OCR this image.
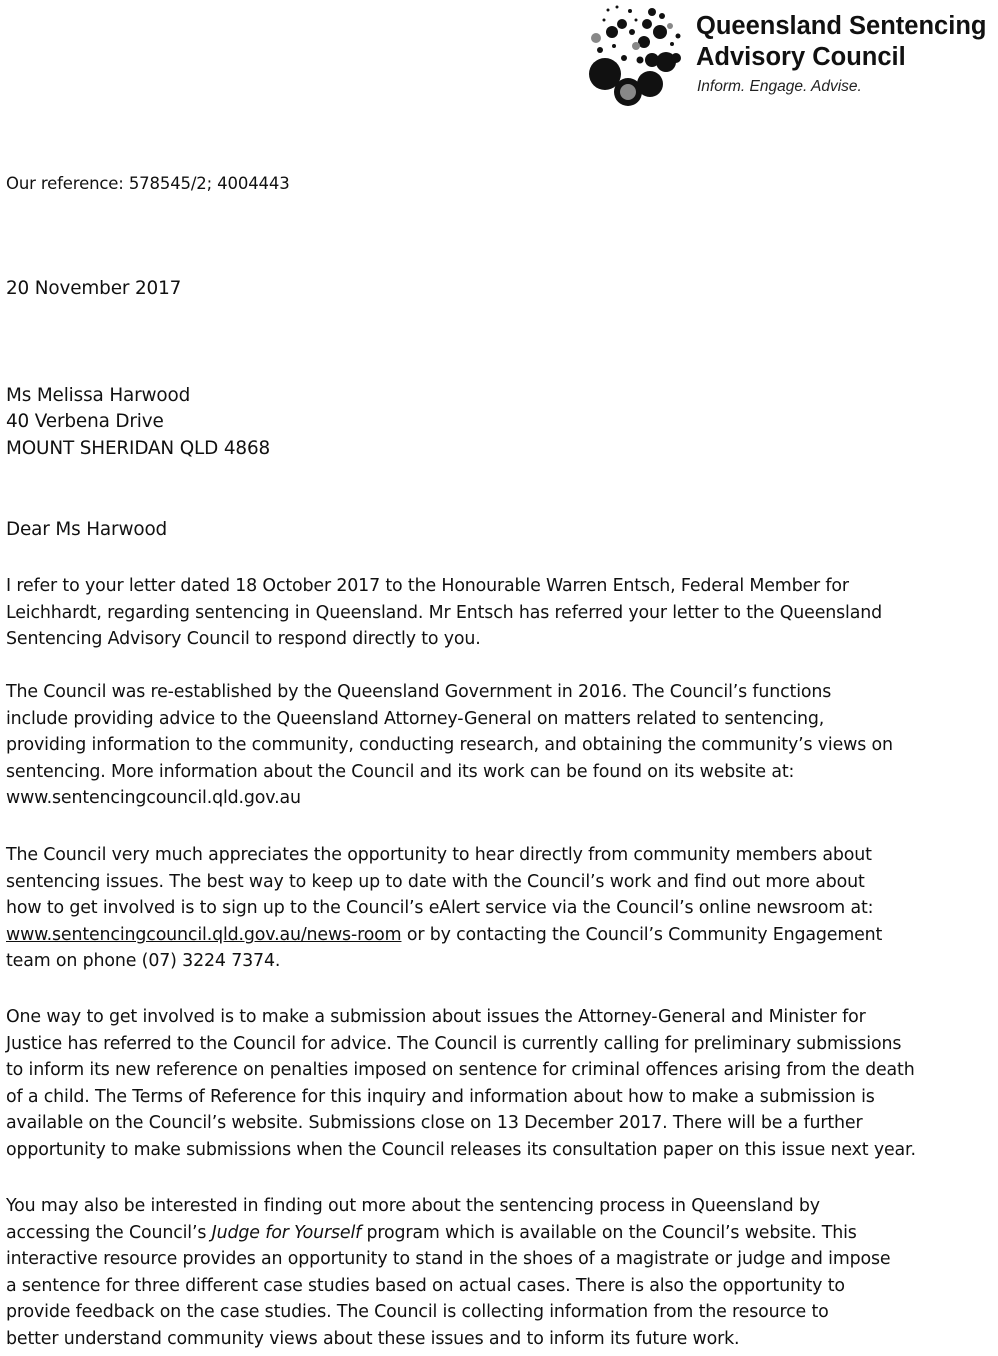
Queensland Sentencing
Advisory Council
Inform. Engage. Advise.
Our reference: 578545/2; 4004443
20 November 2017
Ms Melissa Harwood
40 Verbena Drive
MOUNT SHERIDAN QLD 4868
Dear Ms Harwood
I refer to your letter dated 18 October 2017 to the Honourable Warren Entsch, Federal Member for
Leichhardt, regarding sentencing in Queensland. Mr Entsch has referred your letter to the Queensland
Sentencing Advisory Council to respond directly to you.
The Council was re-established by the Queensland Government in 2016. The Council’s functions
include providing advice to the Queensland Attorney-General on matters related to sentencing,
providing information to the community, conducting research, and obtaining the community’s views on
sentencing. More information about the Council and its work can be found on its website at:
www.sentencingcouncil.qld.gov.au
The Council very much appreciates the opportunity to hear directly from community members about
sentencing issues. The best way to keep up to date with the Council’s work and find out more about
how to get involved is to sign up to the Council’s eAlert service via the Council’s online newsroom at:
www.sentencingcouncil.qld.gov.au/news-room or by contacting the Council’s Community Engagement
team on phone (07) 3224 7374.
One way to get involved is to make a submission about issues the Attorney-General and Minister for
Justice has referred to the Council for advice. The Council is currently calling for preliminary submissions
to inform its new reference on penalties imposed on sentence for criminal offences arising from the death
of a child. The Terms of Reference for this inquiry and information about how to make a submission is
available on the Council’s website. Submissions close on 13 December 2017. There will be a further
opportunity to make submissions when the Council releases its consultation paper on this issue next year.
You may also be interested in finding out more about the sentencing process in Queensland by
accessing the Council’s Judge for Yourself program which is available on the Council’s website. This
interactive resource provides an opportunity to stand in the shoes of a magistrate or judge and impose
a sentence for three different case studies based on actual cases. There is also the opportunity to
provide feedback on the case studies. The Council is collecting information from the resource to
better understand community views about these issues and to inform its future work.
